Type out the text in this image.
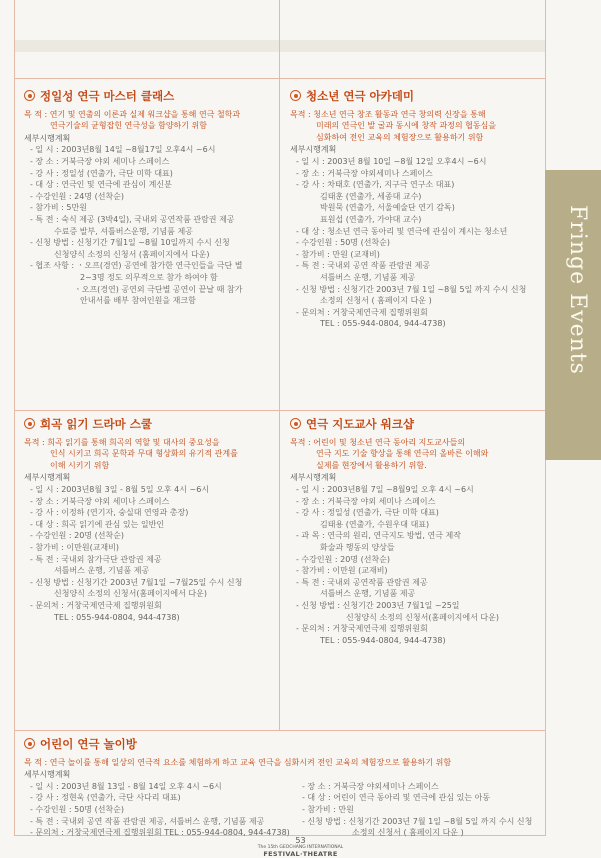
Fringe Events
정일성 연극 마스터 클래스
목 적 : 연기 및 연출의 이론과 실제 워크샵을 통해 연극 철학과
연극기술의 균형잡힌 연극성을 함양하기 위함
세부시행계획
- 일 시 : 2003년8월 14일 ~8월17일 오후4시 ~6시
- 장 소 : 거북극장 야외 세미나 스페이스
- 강 사 : 정일성 (연출가, 극단 미학 대표)
- 대 상 : 연극인 및 연극에 관심이 계신분
- 수강인원 : 24명 (선착순)
- 참가비 : 5만원
- 특 전 : 숙식 제공 (3박4일), 국내외 공연작품 관람권 제공
수료증 발부, 셔틀버스운행, 기념품 제공
- 신청 방법 : 신청기간 7월1일 ~8월 10일까지 수시 신청
신청양식 소정의 신청서 (홈페이지에서 다운)
- 협조 사항 : ㆍ오프(경연) 공연에 참가한 연극인들을 극단 별
2~3명 정도 의무적으로 참가 하여야 함
ㆍ오프(경연) 공연외 극단별 공연이 끝날 때 참가
안내서를 배부 참여인원을 재크함
청소년 연극 아카데미
목적 : 청소년 연극 창조 활동과 연극 창의력 신장을 통해
미래의 연극인 발 굴과 동시에 창작 과정의 협동심을
심화하여 전인 교육의 체험장으로 활용하기 위함
세부시행계획
- 일 시 : 2003년 8월 10일 ~8월 12일 오후4시 ~6시
- 장 소 : 거북극장 야외세미나 스페이스
- 강 사 : 차태호 (연출가, 지구극 연구소 대표)
김태훈 (연출가, 세종대 교수)
박원묵 (연출가, 서울예술단 연기 감독)
표원섭 (연출가, 가야대 교수)
- 대 상 : 청소년 연극 동아리 및 연극에 관심이 계시는 청소년
- 수강인원 : 50명 (선착순)
- 참가비 : 만원 (교재비)
- 특 전 : 국내외 공연 작품 관람권 제공
셔틀버스 운행, 기념품 제공
- 신청 방법 : 신청기간 2003년 7월 1일 ~8월 5일 까지 수시 신청
소정의 신청서 ( 홈페이지 다운 )
- 문의처 : 거창국제연극제 집행위원회
TEL : 055-944-0804, 944-4738)
희곡 읽기 드라마 스쿨
목적 : 희곡 읽기를 통해 희곡의 역할 및 대사의 중요성을
인식 시키고 희곡 문학과 무대 형상화의 유기적 관계를
이해 시키기 위함
세부시행계획
- 일 시 : 2003년8월 3일 - 8월 5일 오후 4시 ~6시
- 장 소 : 거북극장 야외 세미나 스페이스
- 강 사 : 이정하 (연기자, 숭실대 연영과 총장)
- 대 상 : 희곡 읽기에 관심 있는 일반인
- 수강인원 : 20명 (선착순)
- 참가비 : 이만원(교재비)
- 특 전 : 국내외 참가극단 관람권 제공
셔틀버스 운행, 기념품 제공
- 신청 방법 : 신청기간 2003년 7월1일 ~7월25일 수시 신청
신청양식 소정의 신청서(홈페이지에서 다운)
- 문의처 : 거창국제연극제 집행위원회
TEL : 055-944-0804, 944-4738)
연극 지도교사 워크샵
목적 : 어린이 및 청소년 연극 동아리 지도교사들의
연극 지도 기술 향상을 통해 연극의 올바른 이해와
실제를 현장에서 활용하기 위함.
세부시행계획
- 일 시 : 2003년8월 7일 ~8월9일 오후 4시 ~6시
- 장 소 : 거북극장 야외 세미나 스페이스
- 강 사 : 정일성 (연출가, 극단 미학 대표)
김태용 (연출가, 수원우대 대표)
- 과 목 : 연극의 원리, 연극지도 방법, 연극 제작
화술과 행동의 양상들
- 수강인원 : 20명 (선착순)
- 참가비 : 이만원 (교재비)
- 특 전 : 국내외 공연작품 관람권 제공
셔틀버스 운행, 기념품 제공
- 신청 방법 : 신청기간 2003년 7월1일 ~25일
신청양식 소정의 신청서(홈페이지에서 다운)
- 문의처 : 거창국제연극제 집행위원회
TEL : 055-944-0804, 944-4738)
어린이 연극 놀이방
목 적 : 연극 놀이를 통해 일상의 연극적 요소를 체험하게 하고 교육 연극을 심화시켜 전인 교육의 체험장으로 활용하기 위함
세부시행계획
- 일 시 : 2003년 8월 13일 - 8월 14일 오후 4시 ~6시
- 강 사 : 정현욱 (연출가, 극단 사다리 대표)
- 수강인원 : 50명 (선착순)
- 특 전 : 국내외 공연 작품 관람권 제공, 셔틀버스 운행, 기념품 제공
- 문의처 : 거창국제연극제 집행위원회 TEL : 055-944-0804, 944-4738)
- 장 소 : 거북극장 야외세미나 스페이스
- 대 상 : 어린이 연극 동아리 및 연극에 관심 있는 아동
- 참가비 : 만원
- 신청 방법 : 신청기간 2003년 7월 1일 ~8월 5일 까지 수시 신청
소정의 신청서 ( 홈페이지 다운 )
53
The 15th GEOCHANG INTERNATIONAL
FESTIVAL·THEATRE
